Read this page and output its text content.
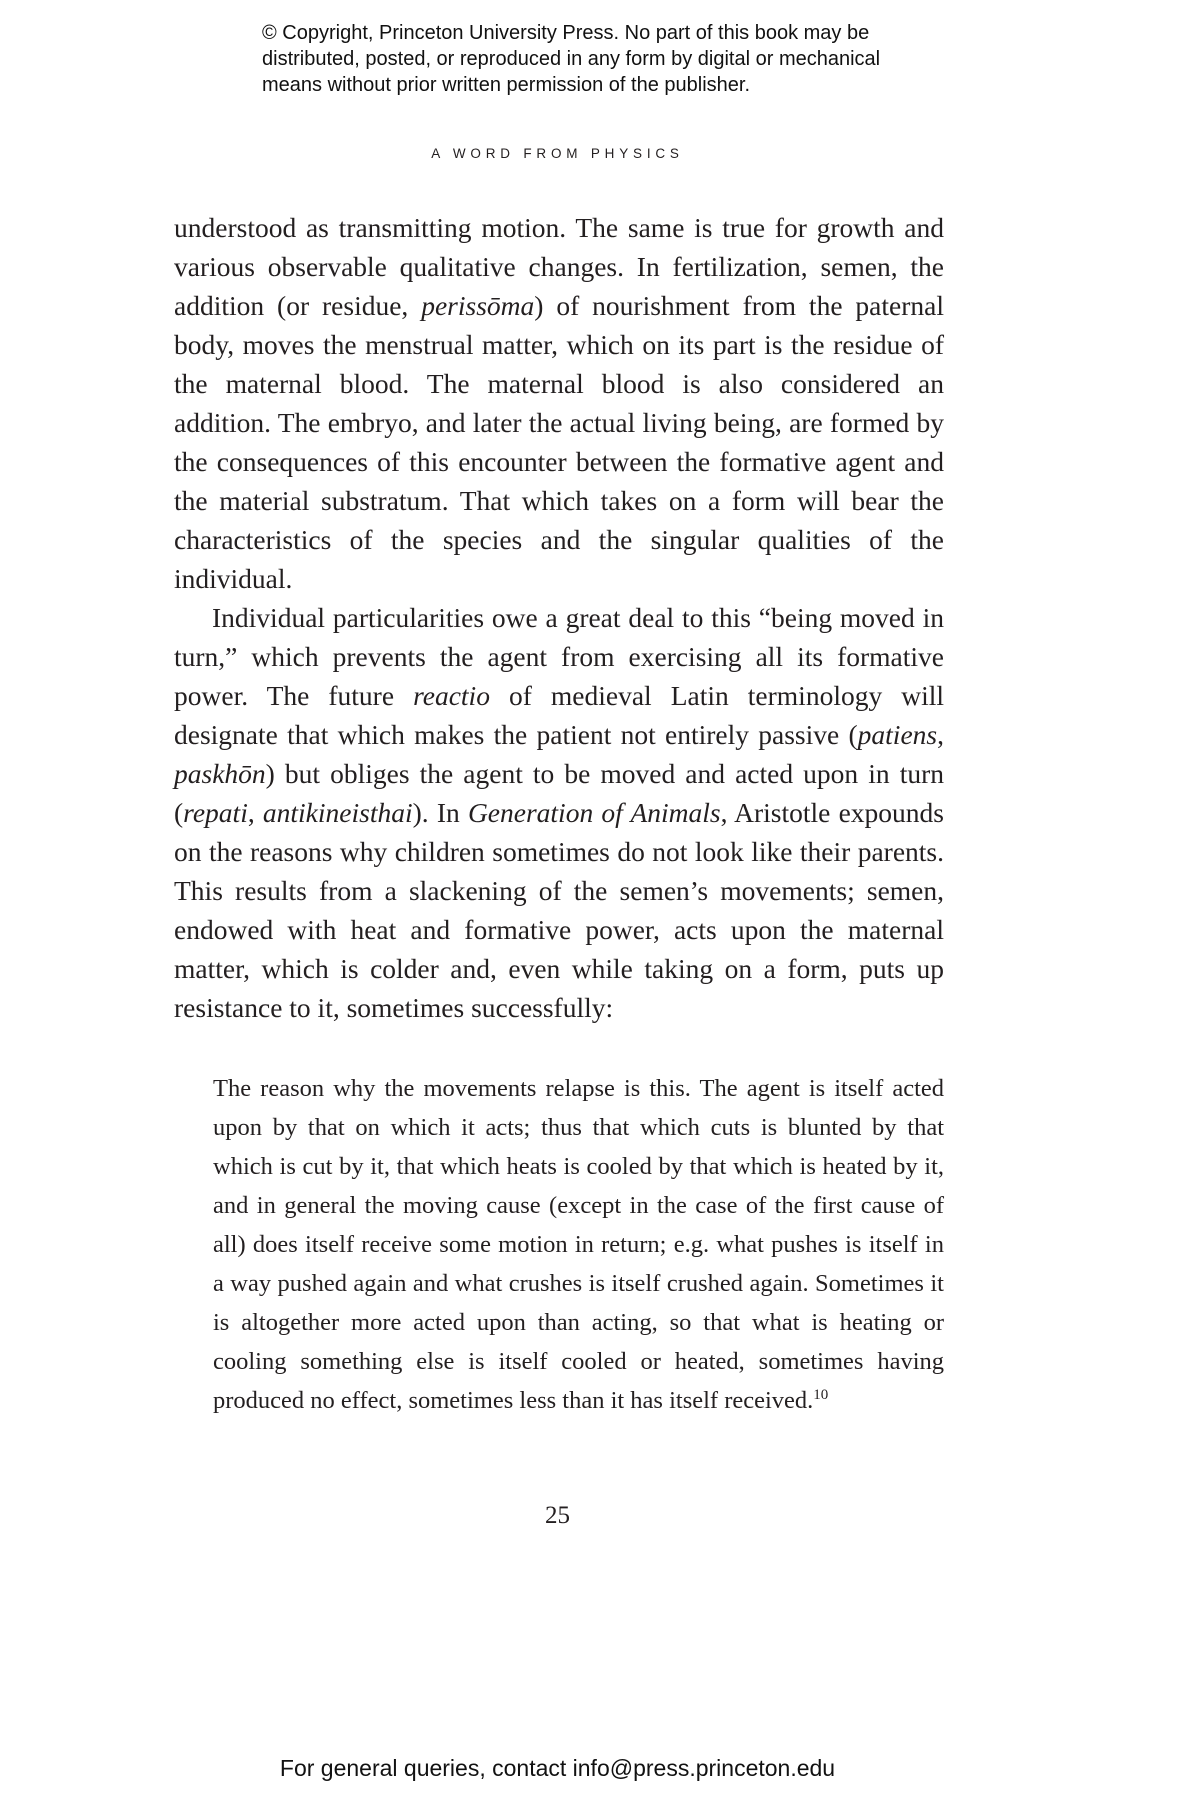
© Copyright, Princeton University Press. No part of this book may be
distributed, posted, or reproduced in any form by digital or mechanical
means without prior written permission of the publisher.
A WORD FROM PHYSICS

understood as transmitting motion. The same is true for growth and various observable qualitative changes. In fertilization, semen, the addition (or residue, perissōma) of nourishment from the paternal body, moves the menstrual matter, which on its part is the residue of the maternal blood. The maternal blood is also considered an addition. The embryo, and later the actual living being, are formed by the consequences of this encounter between the formative agent and the material substratum. That which takes on a form will bear the characteristics of the species and the singular qualities of the individual.

Individual particularities owe a great deal to this “being moved in turn,” which prevents the agent from exercising all its formative power. The future reactio of medieval Latin terminology will designate that which makes the patient not entirely passive (patiens, paskhōn) but obliges the agent to be moved and acted upon in turn (repati, antikineisthai). In Generation of Animals, Aristotle expounds on the reasons why children sometimes do not look like their parents. This results from a slackening of the semen’s movements; semen, endowed with heat and formative power, acts upon the maternal matter, which is colder and, even while taking on a form, puts up resistance to it, sometimes successfully:

The reason why the movements relapse is this. The agent is itself acted upon by that on which it acts; thus that which cuts is blunted by that which is cut by it, that which heats is cooled by that which is heated by it, and in general the moving cause (except in the case of the first cause of all) does itself receive some motion in return; e.g. what pushes is itself in a way pushed again and what crushes is itself crushed again. Sometimes it is altogether more acted upon than acting, so that what is heating or cooling something else is itself cooled or heated, sometimes having produced no effect, sometimes less than it has itself received.$^{10}$
25
For general queries, contact info@press.princeton.edu
